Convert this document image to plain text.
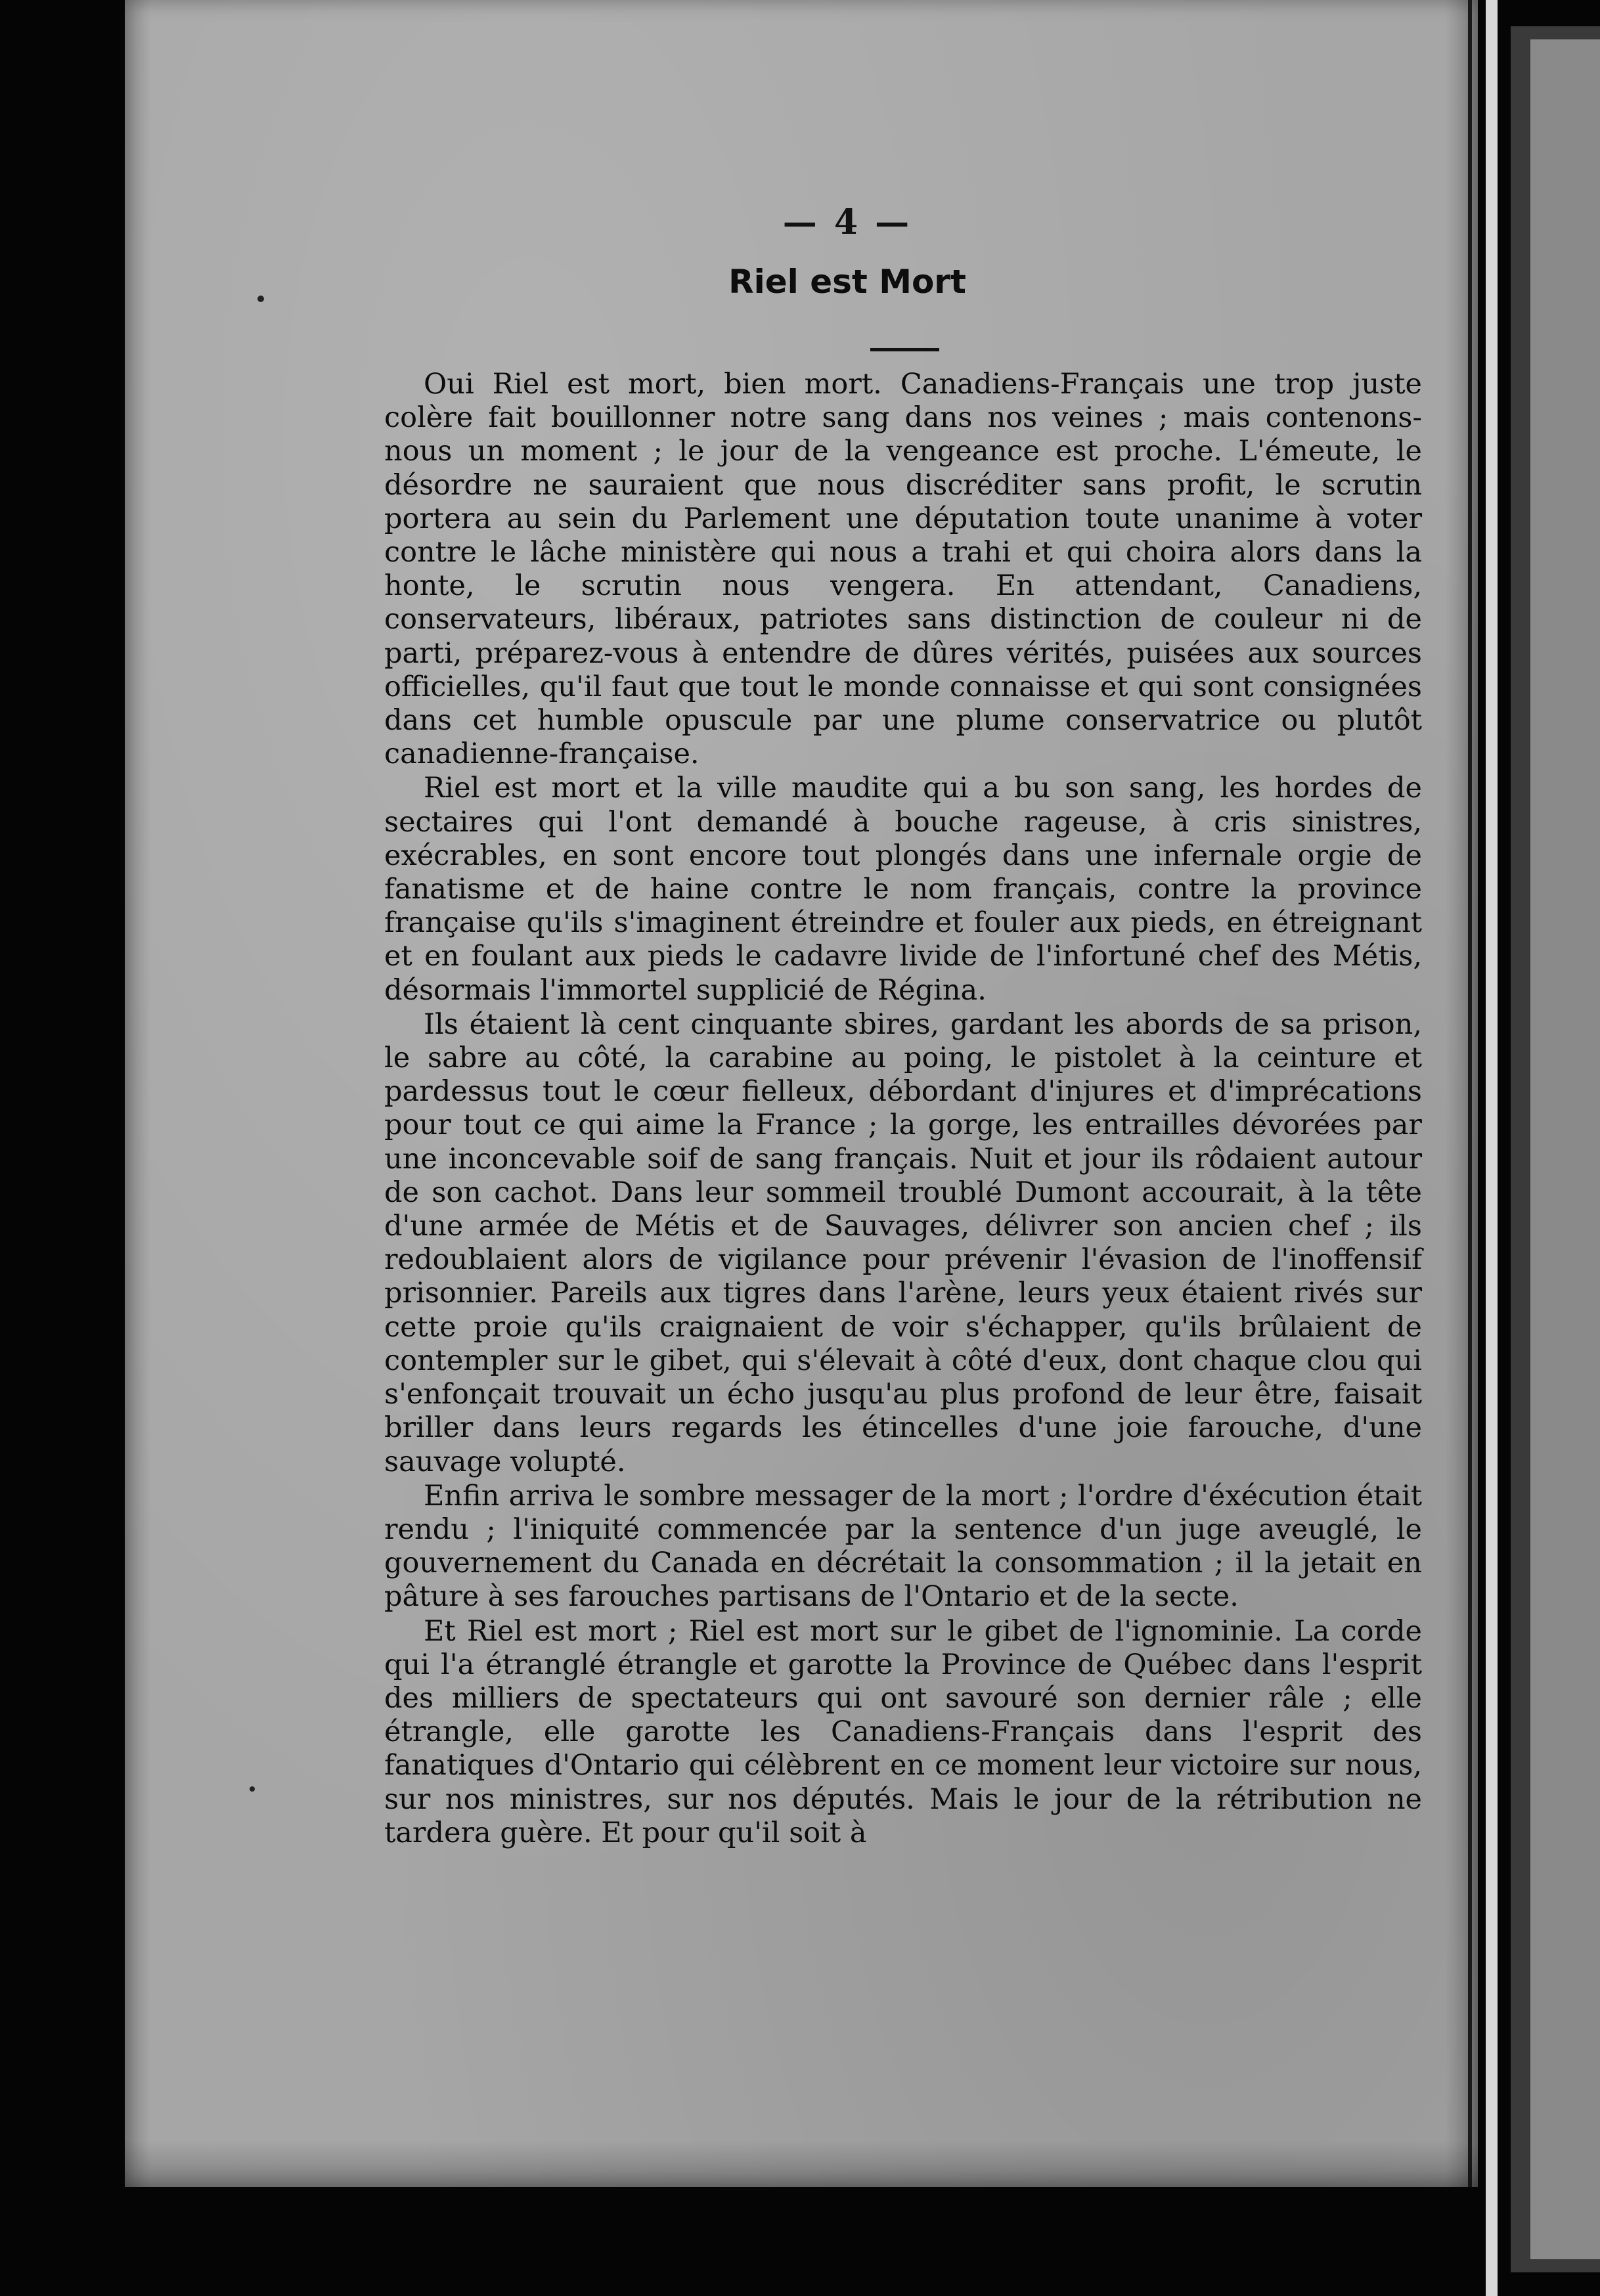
— 4 —
Riel est Mort

Oui Riel est mort, bien mort. Canadiens-Français une trop juste colère fait bouillonner notre sang dans nos veines ; mais contenons-nous un moment ; le jour de la vengeance est proche. L'émeute, le désordre ne sauraient que nous discréditer sans profit, le scrutin portera au sein du Parlement une députation toute unanime à voter contre le lâche ministère qui nous a trahi et qui choira alors dans la honte, le scrutin nous vengera. En attendant, Canadiens, conservateurs, libéraux, patriotes sans distinction de couleur ni de parti, préparez-vous à entendre de dûres vérités, puisées aux sources officielles, qu'il faut que tout le monde connaisse et qui sont consignées dans cet humble opuscule par une plume conservatrice ou plutôt canadienne-française.

Riel est mort et la ville maudite qui a bu son sang, les hordes de sectaires qui l'ont demandé à bouche rageuse, à cris sinistres, exécrables, en sont encore tout plongés dans une infernale orgie de fanatisme et de haine contre le nom français, contre la province française qu'ils s'imaginent étreindre et fouler aux pieds, en étreignant et en foulant aux pieds le cadavre livide de l'infortuné chef des Métis, désormais l'immortel supplicié de Régina.

Ils étaient là cent cinquante sbires, gardant les abords de sa prison, le sabre au côté, la carabine au poing, le pistolet à la ceinture et pardessus tout le cœur fielleux, débordant d'injures et d'imprécations pour tout ce qui aime la France ; la gorge, les entrailles dévorées par une inconcevable soif de sang français. Nuit et jour ils rôdaient autour de son cachot. Dans leur sommeil troublé Dumont accourait, à la tête d'une armée de Métis et de Sauvages, délivrer son ancien chef ; ils redoublaient alors de vigilance pour prévenir l'évasion de l'inoffensif prisonnier. Pareils aux tigres dans l'arène, leurs yeux étaient rivés sur cette proie qu'ils craignaient de voir s'échapper, qu'ils brûlaient de contempler sur le gibet, qui s'élevait à côté d'eux, dont chaque clou qui s'enfonçait trouvait un écho jusqu'au plus profond de leur être, faisait briller dans leurs regards les étincelles d'une joie farouche, d'une sauvage volupté.

Enfin arriva le sombre messager de la mort ; l'ordre d'éxécution était rendu ; l'iniquité commencée par la sentence d'un juge aveuglé, le gouvernement du Canada en décrétait la consommation ; il la jetait en pâture à ses farouches partisans de l'Ontario et de la secte.

Et Riel est mort ; Riel est mort sur le gibet de l'ignominie. La corde qui l'a étranglé étrangle et garotte la Province de Québec dans l'esprit des milliers de spectateurs qui ont savouré son dernier râle ; elle étrangle, elle garotte les Canadiens-Français dans l'esprit des fanatiques d'Ontario qui célèbrent en ce moment leur victoire sur nous, sur nos ministres, sur nos députés. Mais le jour de la rétribution ne tardera guère. Et pour qu'il soit à
